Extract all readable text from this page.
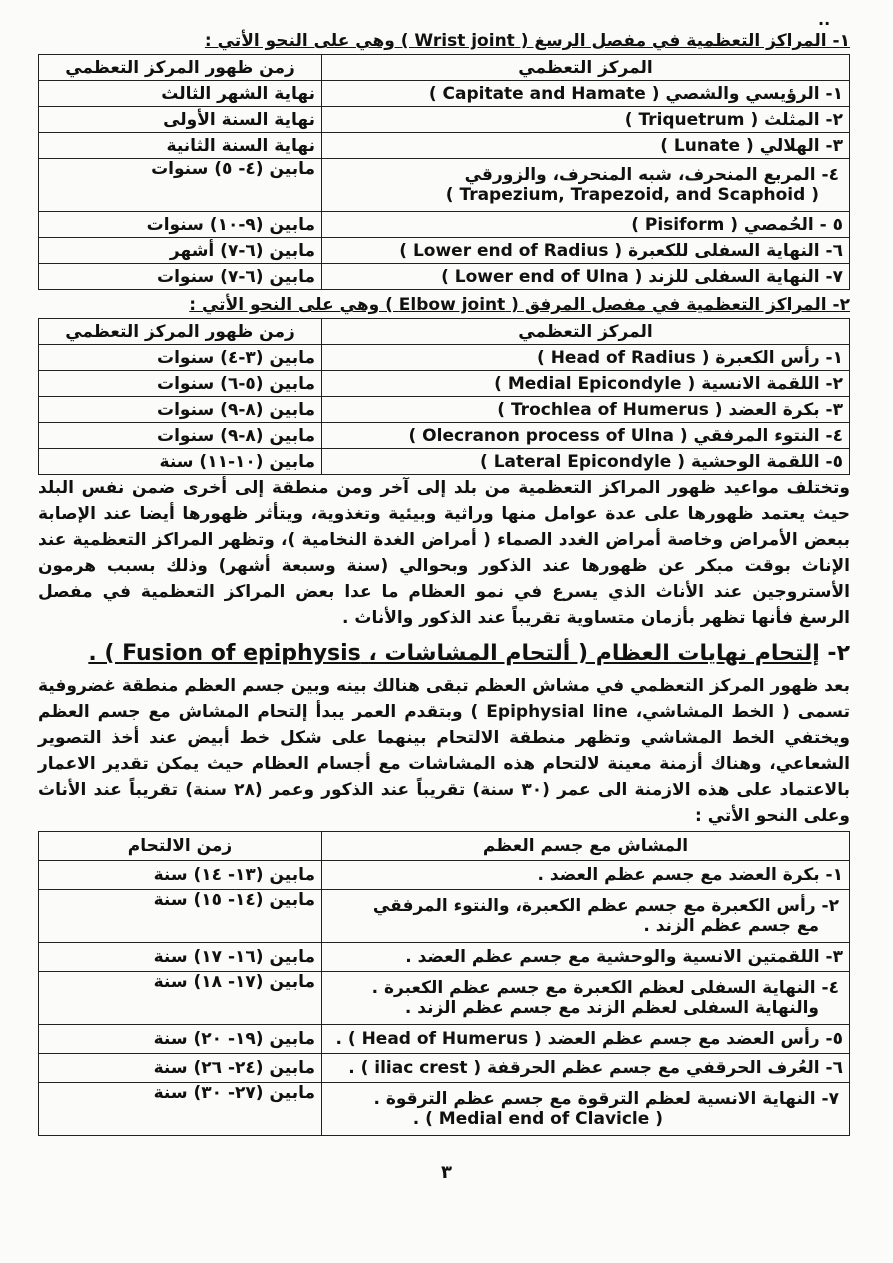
··
١- المراكز التعظمية في مفصل الرسغ ( Wrist joint ) وهي على النحو الأتي :
المركز التعظمي	زمن ظهور المركز التعظمي
١- الرؤيسي والشصي ( Capitate and Hamate )	نهاية الشهر الثالث
٢- المثلث ( Triquetrum )	نهاية السنة الأولى
٣- الهلالي ( Lunate )	نهاية السنة الثانية

٤- المربع المنحرف، شبه المنحرف، والزورقي
( Trapezium, Trapezoid, and Scaphoid )	مابين (٤- ٥) سنوات
٥ - الحُمصي ( Pisiform )	مابين (٩-١٠) سنوات
٦- النهاية السفلى للكعبرة ( Lower end of Radius )	مابين (٦-٧) أشهر
٧- النهاية السفلى للزند ( Lower end of Ulna )	مابين (٦-٧) سنوات
٢- المراكز التعظمية في مفصل المرفق ( Elbow joint ) وهي على النحو الأتي :
المركز التعظمي	زمن ظهور المركز التعظمي
١- رأس الكعبرة ( Head of Radius )	مابين (٣-٤) سنوات
٢- اللقمة الانسية ( Medial Epicondyle )	مابين (٥-٦) سنوات
٣- بكرة العضد ( Trochlea of Humerus )	مابين (٨-٩) سنوات
٤- النتوء المرفقي ( Olecranon process of Ulna )	مابين (٨-٩) سنوات
٥- اللقمة الوحشية ( Lateral Epicondyle )	مابين (١٠-١١) سنة

وتختلف مواعيد ظهور المراكز التعظمية من بلد إلى آخر ومن منطقة إلى أخرى ضمن نفس البلد حيث يعتمد ظهورها على عدة عوامل منها وراثية وبيئية وتغذوية، ويتأثر ظهورها أيضا عند الإصابة ببعض الأمراض وخاصة أمراض الغدد الصماء ( أمراض الغدة النخامية )، وتظهر المراكز التعظمية عند الإناث بوقت مبكر عن ظهورها عند الذكور وبحوالي (سنة وسبعة أشهر) وذلك بسبب هرمون الأستروجين عند الأناث الذي يسرع في نمو العظام ما عدا بعض المراكز التعظمية في مفصل الرسغ فأنها تظهر بأزمان متساوية تقريباً عند الذكور والأناث .

٢- إلتحام نهايات العظام ( ألتحام المشاشات ، Fusion of epiphysis ) .

بعد ظهور المركز التعظمي في مشاش العظم تبقى هنالك بينه وبين جسم العظم منطقة غضروفية تسمى ( الخط المشاشي، Epiphysial line ) وبتقدم العمر يبدأ إلتحام المشاش مع جسم العظم ويختفي الخط المشاشي وتظهر منطقة الالتحام بينهما على شكل خط أبيض عند أخذ التصوير الشعاعي، وهناك أزمنة معينة لالتحام هذه المشاشات مع أجسام العظام حيث يمكن تقدير الاعمار بالاعتماد على هذه الازمنة الى عمر (٣٠ سنة) تقريباً عند الذكور وعمر (٢٨ سنة) تقريباً عند الأناث وعلى النحو الأتي :

المشاش مع جسم العظم	زمن الالتحام
١- بكرة العضد مع جسم عظم العضد .	مابين (١٣- ١٤) سنة

٢- رأس الكعبرة مع جسم عظم الكعبرة، والنتوء المرفقي
مع جسم عظم الزند .	مابين (١٤- ١٥) سنة
٣- اللقمتين الانسية والوحشية مع جسم عظم العضد .	مابين (١٦- ١٧) سنة

٤- النهاية السفلى لعظم الكعبرة مع جسم عظم الكعبرة .
والنهاية السفلى لعظم الزند مع جسم عظم الزند .	مابين (١٧- ١٨) سنة
٥- رأس العضد مع جسم عظم العضد ( Head of Humerus ) .	مابين (١٩- ٢٠) سنة
٦- العُرف الحرقفي مع جسم عظم الحرقفة ( iliac crest ) .	مابين (٢٤- ٢٦) سنة

٧- النهاية الانسية لعظم الترقوة مع جسم عظم الترقوة .
( Medial end of Clavicle ) .	مابين (٢٧- ٣٠) سنة
٣
